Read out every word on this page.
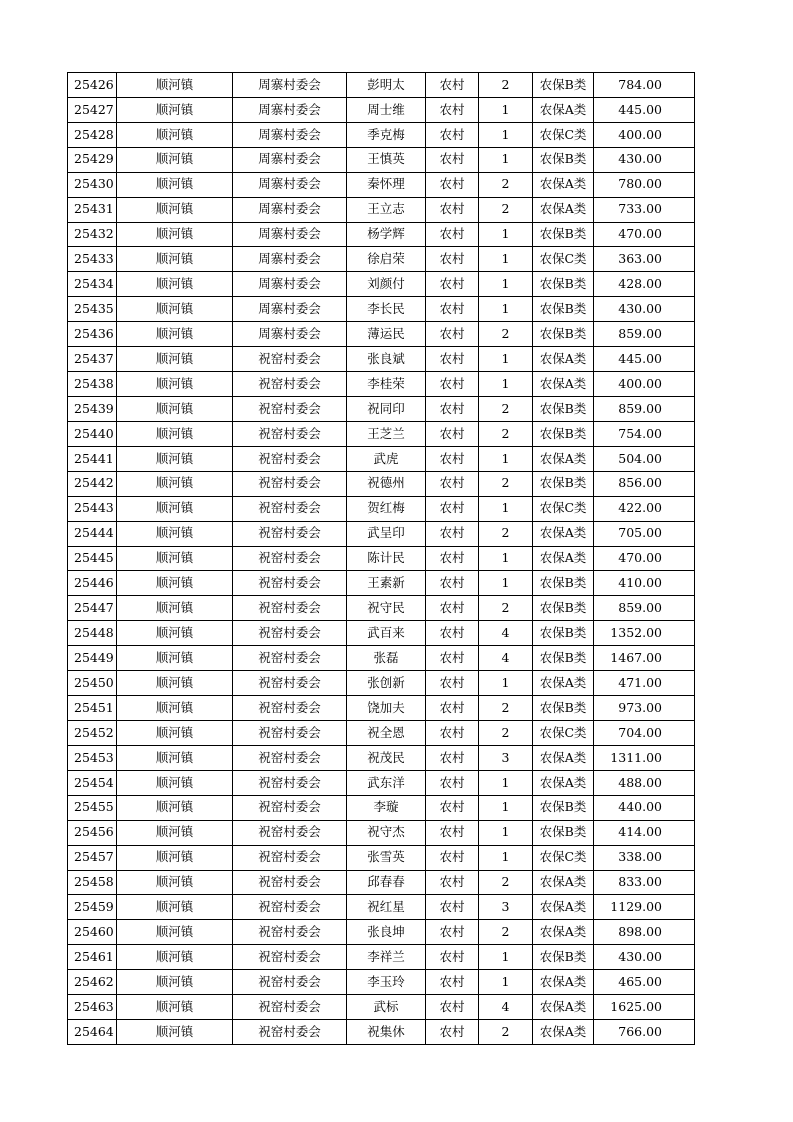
25426	顺河镇	周寨村委会	彭明太	农村	2	农保B类	784.00
25427	顺河镇	周寨村委会	周士维	农村	1	农保A类	445.00
25428	顺河镇	周寨村委会	季克梅	农村	1	农保C类	400.00
25429	顺河镇	周寨村委会	王慎英	农村	1	农保B类	430.00
25430	顺河镇	周寨村委会	秦怀理	农村	2	农保A类	780.00
25431	顺河镇	周寨村委会	王立志	农村	2	农保A类	733.00
25432	顺河镇	周寨村委会	杨学辉	农村	1	农保B类	470.00
25433	顺河镇	周寨村委会	徐启荣	农村	1	农保C类	363.00
25434	顺河镇	周寨村委会	刘颜付	农村	1	农保B类	428.00
25435	顺河镇	周寨村委会	李长民	农村	1	农保B类	430.00
25436	顺河镇	周寨村委会	薄运民	农村	2	农保B类	859.00
25437	顺河镇	祝窑村委会	张良斌	农村	1	农保A类	445.00
25438	顺河镇	祝窑村委会	李桂荣	农村	1	农保A类	400.00
25439	顺河镇	祝窑村委会	祝同印	农村	2	农保B类	859.00
25440	顺河镇	祝窑村委会	王芝兰	农村	2	农保B类	754.00
25441	顺河镇	祝窑村委会	武虎	农村	1	农保A类	504.00
25442	顺河镇	祝窑村委会	祝德州	农村	2	农保B类	856.00
25443	顺河镇	祝窑村委会	贺红梅	农村	1	农保C类	422.00
25444	顺河镇	祝窑村委会	武呈印	农村	2	农保A类	705.00
25445	顺河镇	祝窑村委会	陈计民	农村	1	农保A类	470.00
25446	顺河镇	祝窑村委会	王素新	农村	1	农保B类	410.00
25447	顺河镇	祝窑村委会	祝守民	农村	2	农保B类	859.00
25448	顺河镇	祝窑村委会	武百来	农村	4	农保B类	1352.00
25449	顺河镇	祝窑村委会	张磊	农村	4	农保B类	1467.00
25450	顺河镇	祝窑村委会	张创新	农村	1	农保A类	471.00
25451	顺河镇	祝窑村委会	饶加夫	农村	2	农保B类	973.00
25452	顺河镇	祝窑村委会	祝全恩	农村	2	农保C类	704.00
25453	顺河镇	祝窑村委会	祝茂民	农村	3	农保A类	1311.00
25454	顺河镇	祝窑村委会	武东洋	农村	1	农保A类	488.00
25455	顺河镇	祝窑村委会	李璇	农村	1	农保B类	440.00
25456	顺河镇	祝窑村委会	祝守杰	农村	1	农保B类	414.00
25457	顺河镇	祝窑村委会	张雪英	农村	1	农保C类	338.00
25458	顺河镇	祝窑村委会	邱春春	农村	2	农保A类	833.00
25459	顺河镇	祝窑村委会	祝红星	农村	3	农保A类	1129.00
25460	顺河镇	祝窑村委会	张良坤	农村	2	农保A类	898.00
25461	顺河镇	祝窑村委会	李祥兰	农村	1	农保B类	430.00
25462	顺河镇	祝窑村委会	李玉玲	农村	1	农保A类	465.00
25463	顺河镇	祝窑村委会	武标	农村	4	农保A类	1625.00
25464	顺河镇	祝窑村委会	祝集休	农村	2	农保A类	766.00
